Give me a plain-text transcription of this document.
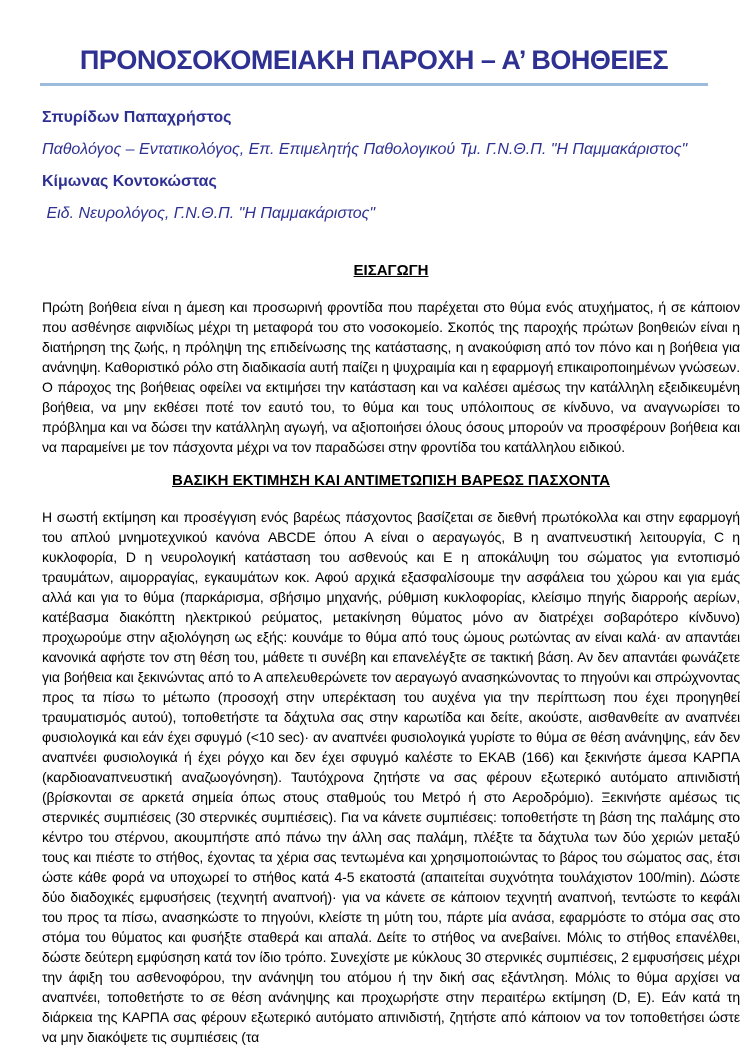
ΠΡΟΝΟΣΟΚΟΜΕΙΑΚΗ ΠΑΡΟΧΗ – Α’ ΒΟΗΘΕΙΕΣ

Σπυρίδων Παπαχρήστος

Παθολόγος – Εντατικολόγος, Επ. Επιμελητής Παθολογικού Τμ. Γ.Ν.Θ.Π. "Η Παμμακάριστος"

Κίμωνας Κοντοκώστας

Ειδ. Νευρολόγος, Γ.Ν.Θ.Π. "Η Παμμακάριστος"

ΕΙΣΑΓΩΓΗ

Πρώτη βοήθεια είναι η άμεση και προσωρινή φροντίδα που παρέχεται στο θύμα ενός ατυχήματος, ή σε κάποιον που ασθένησε αιφνιδίως μέχρι τη μεταφορά του στο νοσοκομείο. Σκοπός της παροχής πρώτων βοηθειών είναι η διατήρηση της ζωής, η πρόληψη της επιδείνωσης της κατάστασης, η ανακούφιση από τον πόνο και η βοήθεια για ανάνηψη. Καθοριστικό ρόλο στη διαδικασία αυτή παίζει η ψυχραιμία και η εφαρμογή επικαιροποιημένων γνώσεων. Ο πάροχος της βοήθειας οφείλει να εκτιμήσει την κατάσταση και να καλέσει αμέσως την κατάλληλη εξειδικευμένη βοήθεια, να μην εκθέσει ποτέ τον εαυτό του, το θύμα και τους υπόλοιπους σε κίνδυνο, να αναγνωρίσει το πρόβλημα και να δώσει την κατάλληλη αγωγή, να αξιοποιήσει όλους όσους μπορούν να προσφέρουν βοήθεια και να παραμείνει με τον πάσχοντα μέχρι να τον παραδώσει στην φροντίδα του κατάλληλου ειδικού.

ΒΑΣΙΚΗ ΕΚΤΙΜΗΣΗ ΚΑΙ ΑΝΤΙΜΕΤΩΠΙΣΗ ΒΑΡΕΩΣ ΠΑΣΧΟΝΤΑ

Η σωστή εκτίμηση και προσέγγιση ενός βαρέως πάσχοντος βασίζεται σε διεθνή πρωτόκολλα και στην εφαρμογή του απλού μνημοτεχνικού κανόνα ABCDE όπου A είναι ο αεραγωγός, B η αναπνευστική λειτουργία, C η κυκλοφορία, D η νευρολογική κατάσταση του ασθενούς και E η αποκάλυψη του σώματος για εντοπισμό τραυμάτων, αιμορραγίας, εγκαυμάτων κοκ. Αφού αρχικά εξασφαλίσουμε την ασφάλεια του χώρου και για εμάς αλλά και για το θύμα (παρκάρισμα, σβήσιμο μηχανής, ρύθμιση κυκλοφορίας, κλείσιμο πηγής διαρροής αερίων, κατέβασμα διακόπτη ηλεκτρικού ρεύματος, μετακίνηση θύματος μόνο αν διατρέχει σοβαρότερο κίνδυνο) προχωρούμε στην αξιολόγηση ως εξής: κουνάμε το θύμα από τους ώμους ρωτώντας αν είναι καλά· αν απαντάει κανονικά αφήστε τον στη θέση του, μάθετε τι συνέβη και επανελέγξτε σε τακτική βάση. Αν δεν απαντάει φωνάζετε για βοήθεια και ξεκινώντας από το Α απελευθερώνετε τον αεραγωγό ανασηκώνοντας το πηγούνι και σπρώχνοντας προς τα πίσω το μέτωπο (προσοχή στην υπερέκταση του αυχένα για την περίπτωση που έχει προηγηθεί τραυματισμός αυτού), τοποθετήστε τα δάχτυλα σας στην καρωτίδα και δείτε, ακούστε, αισθανθείτε αν αναπνέει φυσιολογικά και εάν έχει σφυγμό (<10 sec)· αν αναπνέει φυσιολογικά γυρίστε το θύμα σε θέση ανάνηψης, εάν δεν αναπνέει φυσιολογικά ή έχει ρόγχο και δεν έχει σφυγμό καλέστε το ΕΚΑΒ (166) και ξεκινήστε άμεσα ΚΑΡΠΑ (καρδιοαναπνευστική αναζωογόνηση). Ταυτόχρονα ζητήστε να σας φέρουν εξωτερικό αυτόματο απινιδιστή (βρίσκονται σε αρκετά σημεία όπως στους σταθμούς του Μετρό ή στο Αεροδρόμιο). Ξεκινήστε αμέσως τις στερνικές συμπιέσεις (30 στερνικές συμπιέσεις). Για να κάνετε συμπιέσεις: τοποθετήστε τη βάση της παλάμης στο κέντρο του στέρνου, ακουμπήστε από πάνω την άλλη σας παλάμη, πλέξτε τα δάχτυλα των δύο χεριών μεταξύ τους και πιέστε το στήθος, έχοντας τα χέρια σας τεντωμένα και χρησιμοποιώντας το βάρος του σώματος σας, έτσι ώστε κάθε φορά να υποχωρεί το στήθος κατά 4-5 εκατοστά (απαιτείται συχνότητα τουλάχιστον 100/min). Δώστε δύο διαδοχικές εμφυσήσεις (τεχνητή αναπνοή)· για να κάνετε σε κάποιον τεχνητή αναπνοή, τεντώστε το κεφάλι του προς τα πίσω, ανασηκώστε το πηγούνι, κλείστε τη μύτη του, πάρτε μία ανάσα, εφαρμόστε το στόμα σας στο στόμα του θύματος και φυσήξτε σταθερά και απαλά. Δείτε το στήθος να ανεβαίνει. Μόλις το στήθος επανέλθει, δώστε δεύτερη εμφύσηση κατά τον ίδιο τρόπο. Συνεχίστε με κύκλους 30 στερνικές συμπιέσεις, 2 εμφυσήσεις μέχρι την άφιξη του ασθενοφόρου, την ανάνηψη του ατόμου ή την δική σας εξάντληση. Μόλις το θύμα αρχίσει να αναπνέει, τοποθετήστε το σε θέση ανάνηψης και προχωρήστε στην περαιτέρω εκτίμηση (D, E). Εάν κατά τη διάρκεια της ΚΑΡΠΑ σας φέρουν εξωτερικό αυτόματο απινιδιστή, ζητήστε από κάποιον να τον τοποθετήσει ώστε να μην διακόψετε τις συμπιέσεις (τα
